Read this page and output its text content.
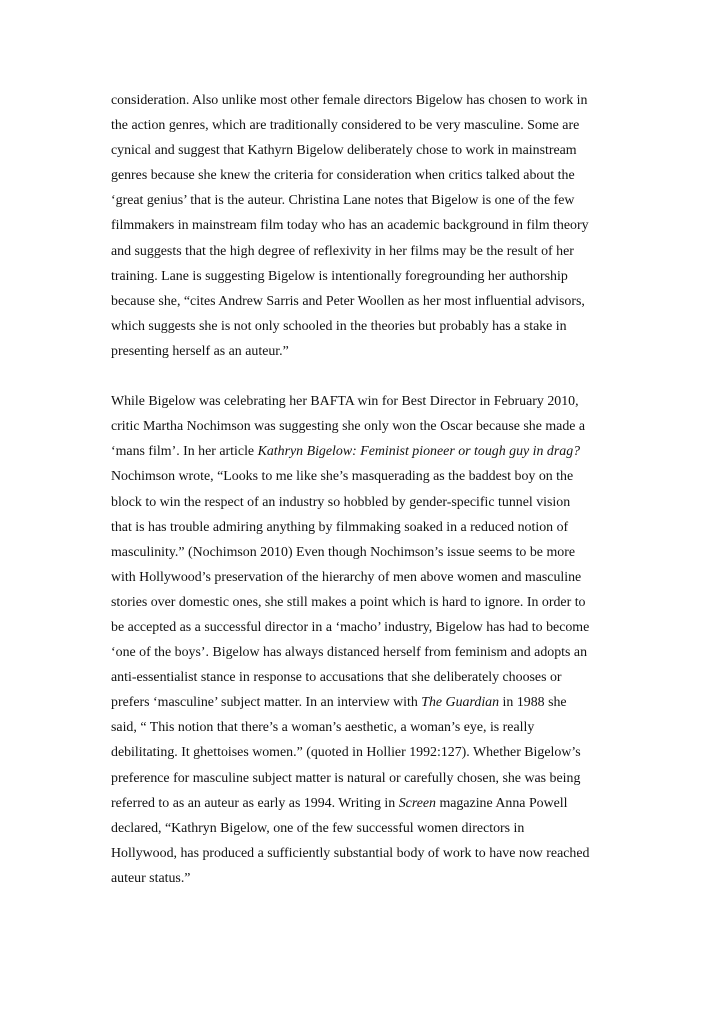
consideration. Also unlike most other female directors Bigelow has chosen to work in
the action genres, which are traditionally considered to be very masculine. Some are
cynical and suggest that Kathyrn Bigelow deliberately chose to work in mainstream
genres because she knew the criteria for consideration when critics talked about the
‘great genius’ that is the auteur. Christina Lane notes that Bigelow is one of the few
filmmakers in mainstream film today who has an academic background in film theory
and suggests that the high degree of reflexivity in her films may be the result of her
training. Lane is suggesting Bigelow is intentionally foregrounding her authorship
because she, “cites Andrew Sarris and Peter Woollen as her most influential advisors,
which suggests she is not only schooled in the theories but probably has a stake in
presenting herself as an auteur.”
While Bigelow was celebrating her BAFTA win for Best Director in February 2010,
critic Martha Nochimson was suggesting she only won the Oscar because she made a
‘mans film’. In her article Kathryn Bigelow: Feminist pioneer or tough guy in drag?
Nochimson wrote, “Looks to me like she’s masquerading as the baddest boy on the
block to win the respect of an industry so hobbled by gender-specific tunnel vision
that is has trouble admiring anything by filmmaking soaked in a reduced notion of
masculinity.” (Nochimson 2010) Even though Nochimson’s issue seems to be more
with Hollywood’s preservation of the hierarchy of men above women and masculine
stories over domestic ones, she still makes a point which is hard to ignore. In order to
be accepted as a successful director in a ‘macho’ industry, Bigelow has had to become
‘one of the boys’. Bigelow has always distanced herself from feminism and adopts an
anti-essentialist stance in response to accusations that she deliberately chooses or
prefers ‘masculine’ subject matter. In an interview with The Guardian in 1988 she
said, “ This notion that there’s a woman’s aesthetic, a woman’s eye, is really
debilitating. It ghettoises women.” (quoted in Hollier 1992:127). Whether Bigelow’s
preference for masculine subject matter is natural or carefully chosen, she was being
referred to as an auteur as early as 1994. Writing in Screen magazine Anna Powell
declared, “Kathryn Bigelow, one of the few successful women directors in
Hollywood, has produced a sufficiently substantial body of work to have now reached
auteur status.”
